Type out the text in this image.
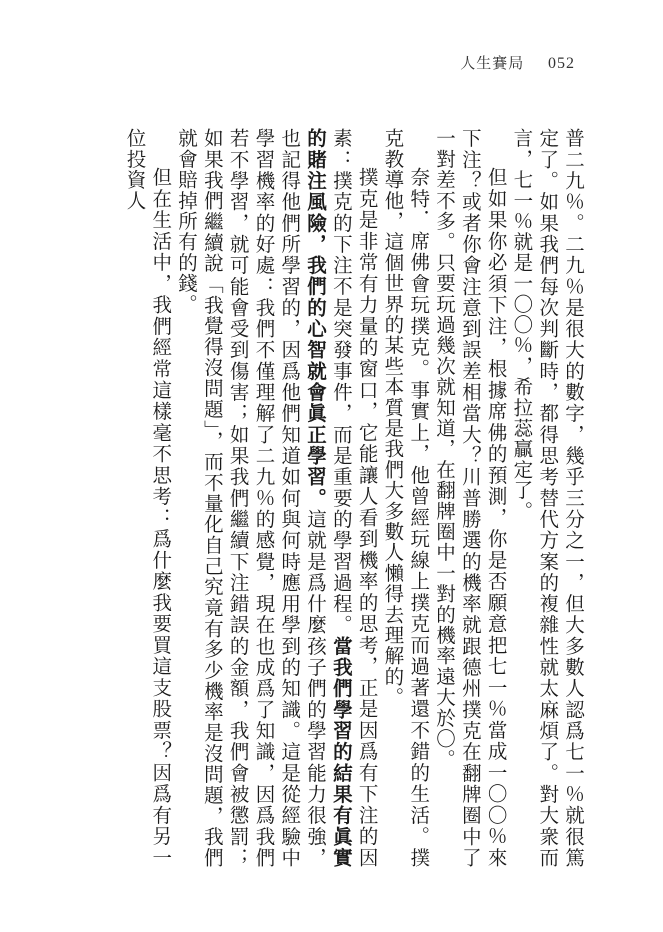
人生賽局 052

普二九％。二九％是很大的數字，幾乎三分之一，但大多數人認爲七一％就很篤定了。如果我們每次判斷時，都得思考替代方案的複雜性就太麻煩了。對大衆而言，七一％就是一〇〇％，希拉蕊贏定了。

但如果你必須下注，根據席佛的預測，你是否願意把七一％當成一〇〇％來下注？或者你會注意到誤差相當大？川普勝選的機率就跟德州撲克在翻牌圈中了一對差不多。只要玩過幾次就知道，在翻牌圈中一對的機率遠大於〇。

奈特．席佛會玩撲克。事實上，他曾經玩線上撲克而過著還不錯的生活。撲克教導他，這個世界的某些本質是我們大多數人懶得去理解的。

撲克是非常有力量的窗口，它能讓人看到機率的思考，正是因爲有下注的因素：撲克的下注不是突發事件，而是重要的學習過程。當我們學習的結果有眞實的賭注風險，我們的心智就會眞正學習。這就是爲什麼孩子們的學習能力很強，也記得他們所學習的，因爲他們知道如何與何時應用學到的知識。這是從經驗中學習機率的好處：我們不僅理解了二九％的感覺，現在也成爲了知識，因爲我們若不學習，就可能會受到傷害；如果我們繼續下注錯誤的金額，我們會被懲罰；如果我們繼續說「我覺得沒問題」，而不量化自己究竟有多少機率是沒問題，我們就會賠掉所有的錢。

但在生活中，我們經常這樣毫不思考：爲什麼我要買這支股票？因爲有另一位投資人
